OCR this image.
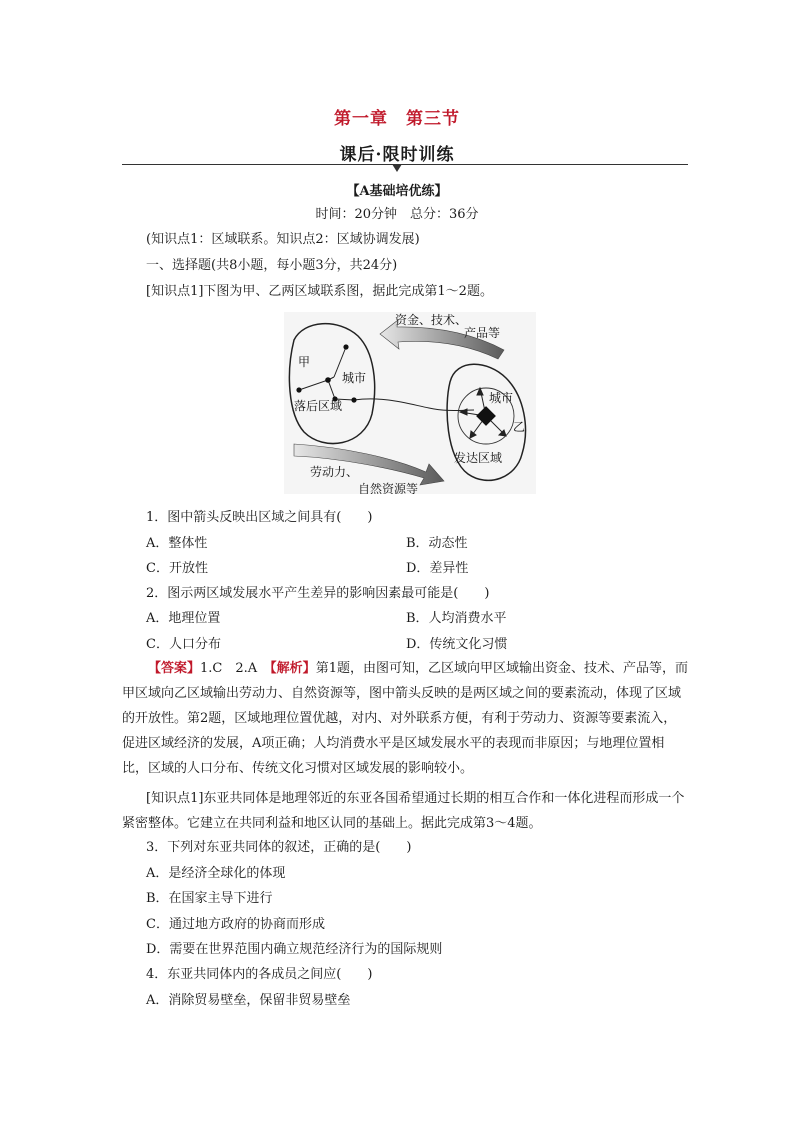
第一章 第三节
课后·限时训练
【A基础培优练】
时间：20分钟　总分：36分
(知识点1：区域联系。知识点2：区域协调发展)
一、选择题(共8小题，每小题3分，共24分)
[知识点1]下图为甲、乙两区域联系图，据此完成第1～2题。
资金、技术、
产品等
甲
城市
落后区域
城市
乙
发达区域
劳动力、
自然资源等
1．图中箭头反映出区域之间具有(　　)
A．整体性	B．动态性
C．开放性	D．差异性
2．图示两区域发展水平产生差异的影响因素最可能是(　　)
A．地理位置	B．人均消费水平
C．人口分布	D．传统文化习惯
【答案】1.C　2.A　【解析】第1题，由图可知，乙区域向甲区域输出资金、技术、产品等，而甲区域向乙区域输出劳动力、自然资源等，图中箭头反映的是两区域之间的要素流动，体现了区域的开放性。第2题，区域地理位置优越，对内、对外联系方便，有利于劳动力、资源等要素流入，促进区域经济的发展，A项正确；人均消费水平是区域发展水平的表现而非原因；与地理位置相比，区域的人口分布、传统文化习惯对区域发展的影响较小。
[知识点1]东亚共同体是地理邻近的东亚各国希望通过长期的相互合作和一体化进程而形成一个紧密整体。它建立在共同利益和地区认同的基础上。据此完成第3～4题。
3．下列对东亚共同体的叙述，正确的是(　　)
A．是经济全球化的体现
B．在国家主导下进行
C．通过地方政府的协商而形成
D．需要在世界范围内确立规范经济行为的国际规则
4．东亚共同体内的各成员之间应(　　)
A．消除贸易壁垒，保留非贸易壁垒
